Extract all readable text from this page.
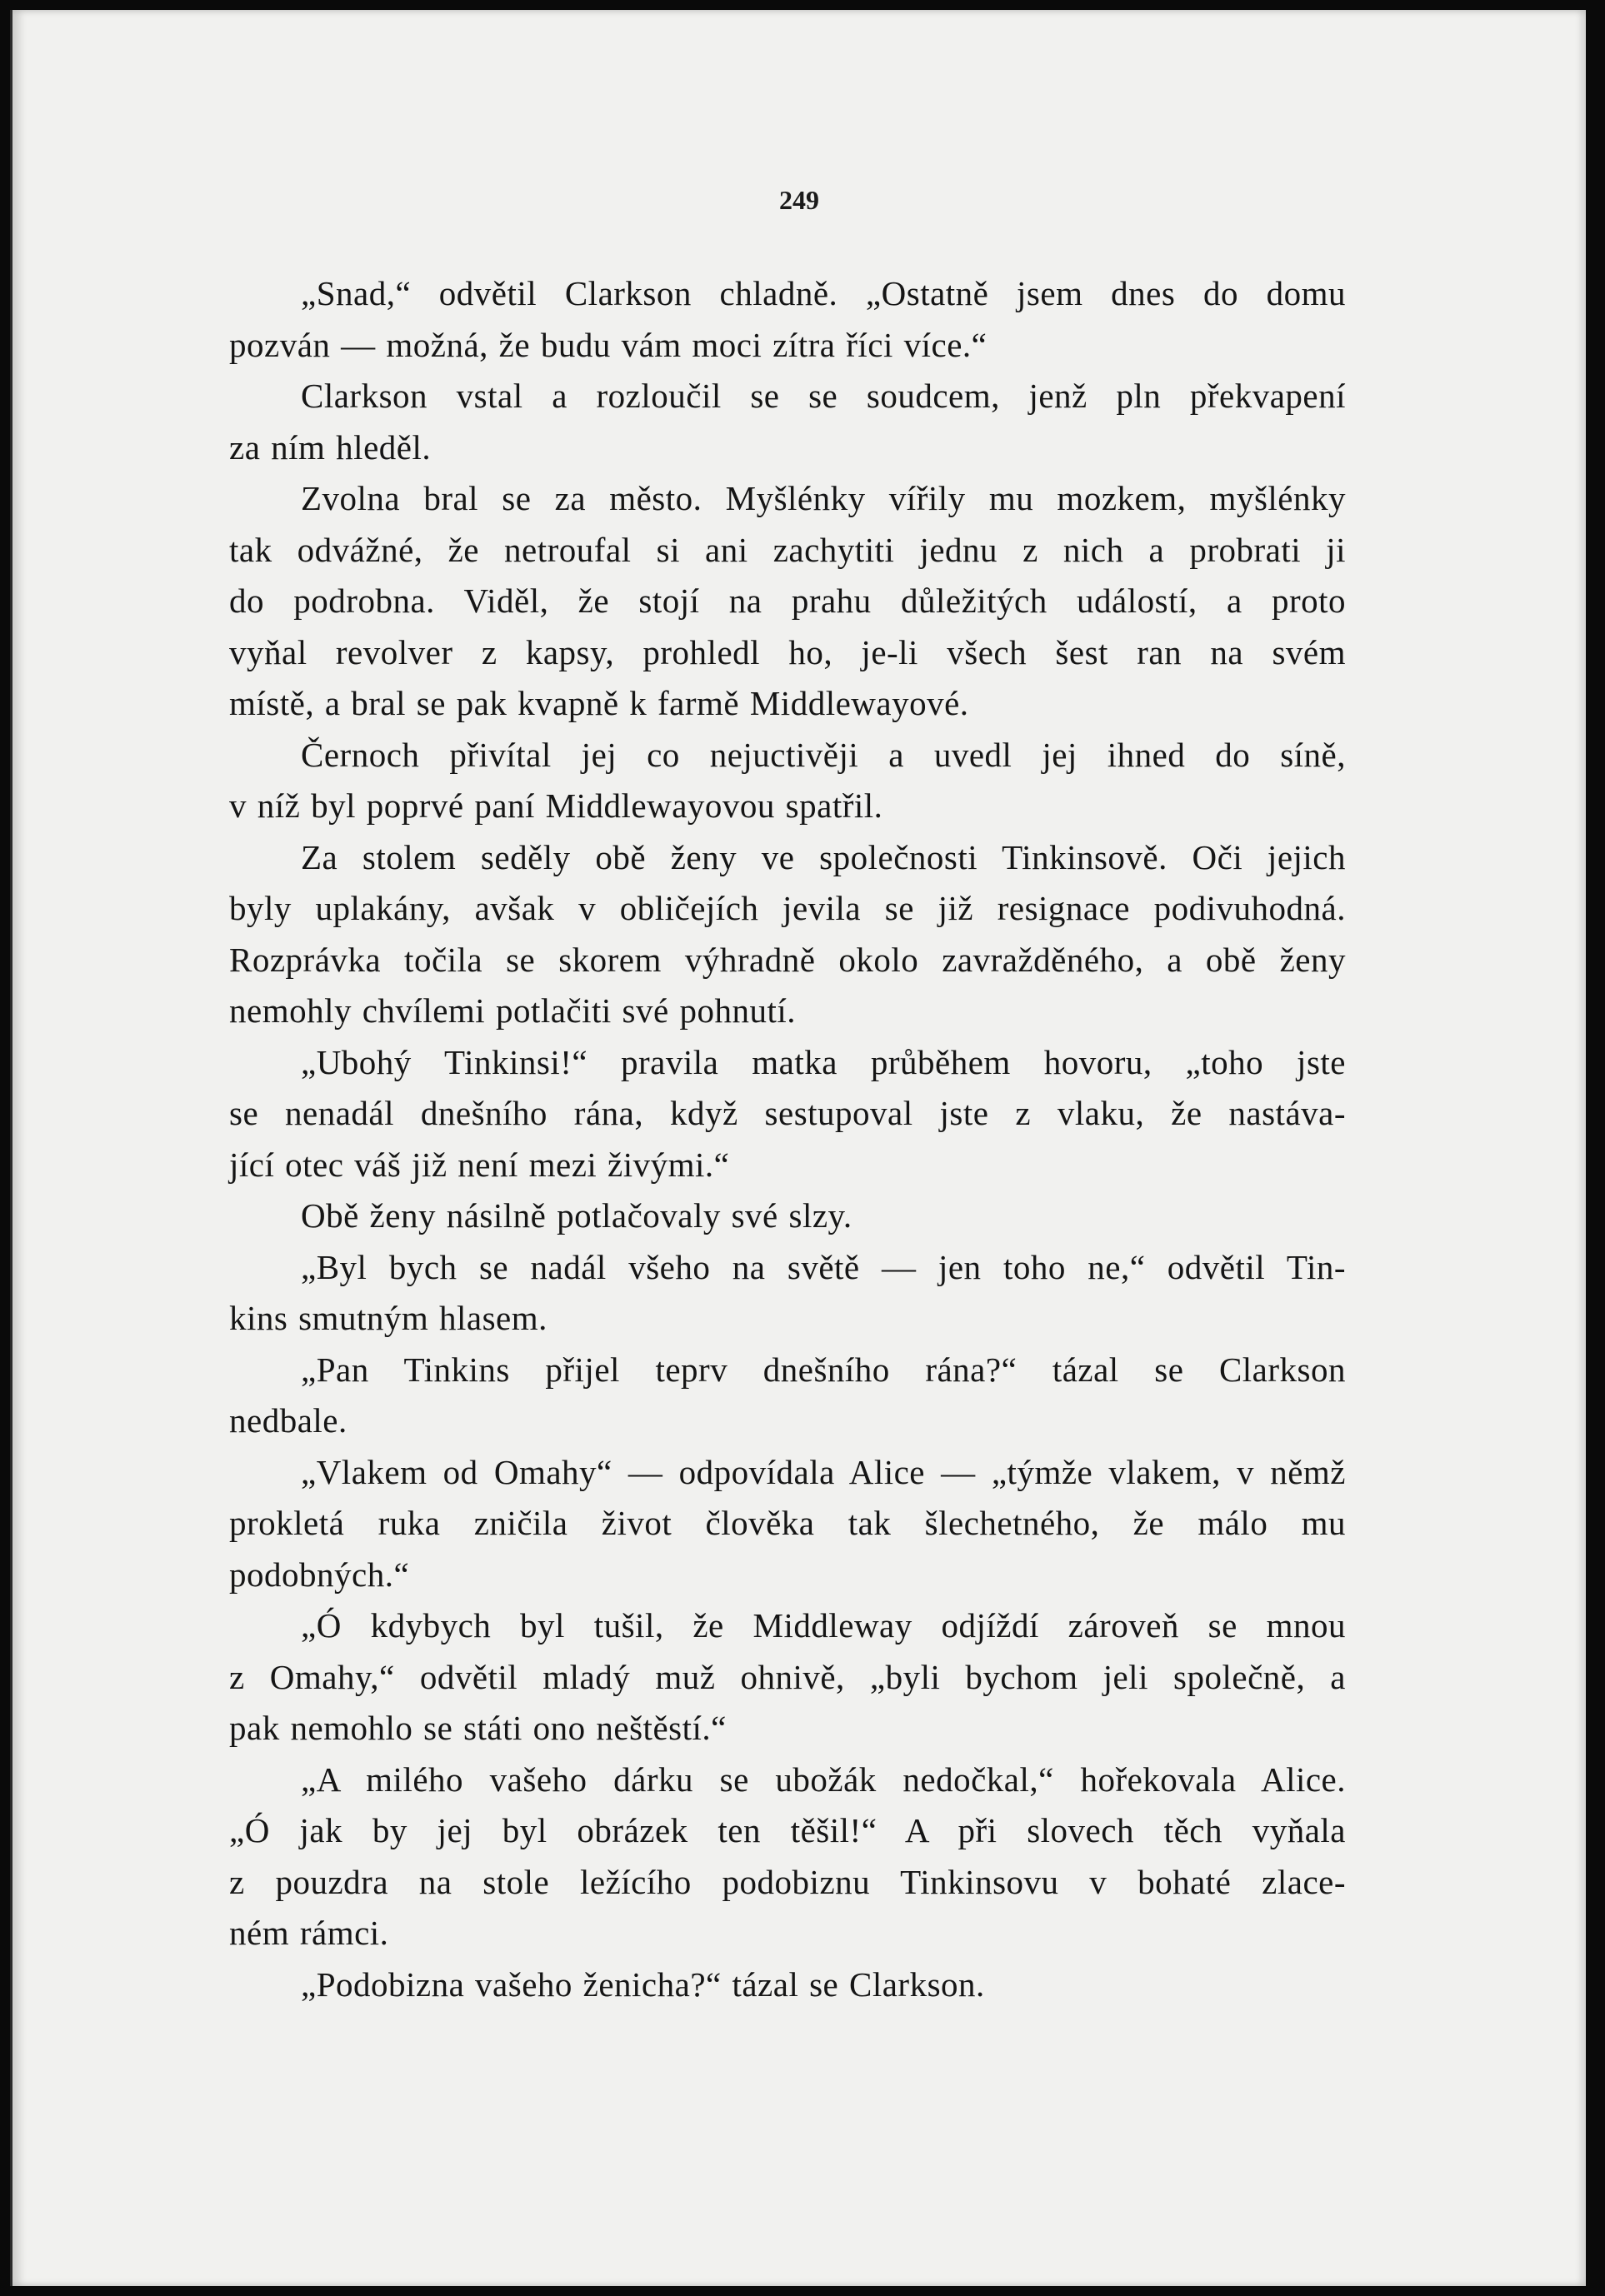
249
„Snad,“ odvětil Clarkson chladně. „Ostatně jsem dnes do domu
pozván — možná, že budu vám moci zítra říci více.“
Clarkson vstal a rozloučil se se soudcem, jenž pln překvapení
za ním hleděl.
Zvolna bral se za město. Myšlénky vířily mu mozkem, myšlénky
tak odvážné, že netroufal si ani zachytiti jednu z nich a probrati ji
do podrobna. Viděl, že stojí na prahu důležitých událostí, a proto
vyňal revolver z kapsy, prohledl ho, je-li všech šest ran na svém
místě, a bral se pak kvapně k farmě Middlewayové.
Černoch přivítal jej co nejuctivěji a uvedl jej ihned do síně,
v níž byl poprvé paní Middlewayovou spatřil.
Za stolem seděly obě ženy ve společnosti Tinkinsově. Oči jejich
byly uplakány, avšak v obličejích jevila se již resignace podivuhodná.
Rozprávka točila se skorem výhradně okolo zavražděného, a obě ženy
nemohly chvílemi potlačiti své pohnutí.
„Ubohý Tinkinsi!“ pravila matka průběhem hovoru, „toho jste
se nenadál dnešního rána, když sestupoval jste z vlaku, že nastáva-
jící otec váš již není mezi živými.“
Obě ženy násilně potlačovaly své slzy.
„Byl bych se nadál všeho na světě — jen toho ne,“ odvětil Tin-
kins smutným hlasem.
„Pan Tinkins přijel teprv dnešního rána?“ tázal se Clarkson
nedbale.
„Vlakem od Omahy“ — odpovídala Alice — „týmže vlakem, v němž
prokletá ruka zničila život člověka tak šlechetného, že málo mu
podobných.“
„Ó kdybych byl tušil, že Middleway odjíždí zároveň se mnou
z Omahy,“ odvětil mladý muž ohnivě, „byli bychom jeli společně, a
pak nemohlo se státi ono neštěstí.“
„A milého vašeho dárku se ubožák nedočkal,“ hořekovala Alice.
„Ó jak by jej byl obrázek ten těšil!“ A při slovech těch vyňala
z pouzdra na stole ležícího podobiznu Tinkinsovu v bohaté zlace-
ném rámci.
„Podobizna vašeho ženicha?“ tázal se Clarkson.
